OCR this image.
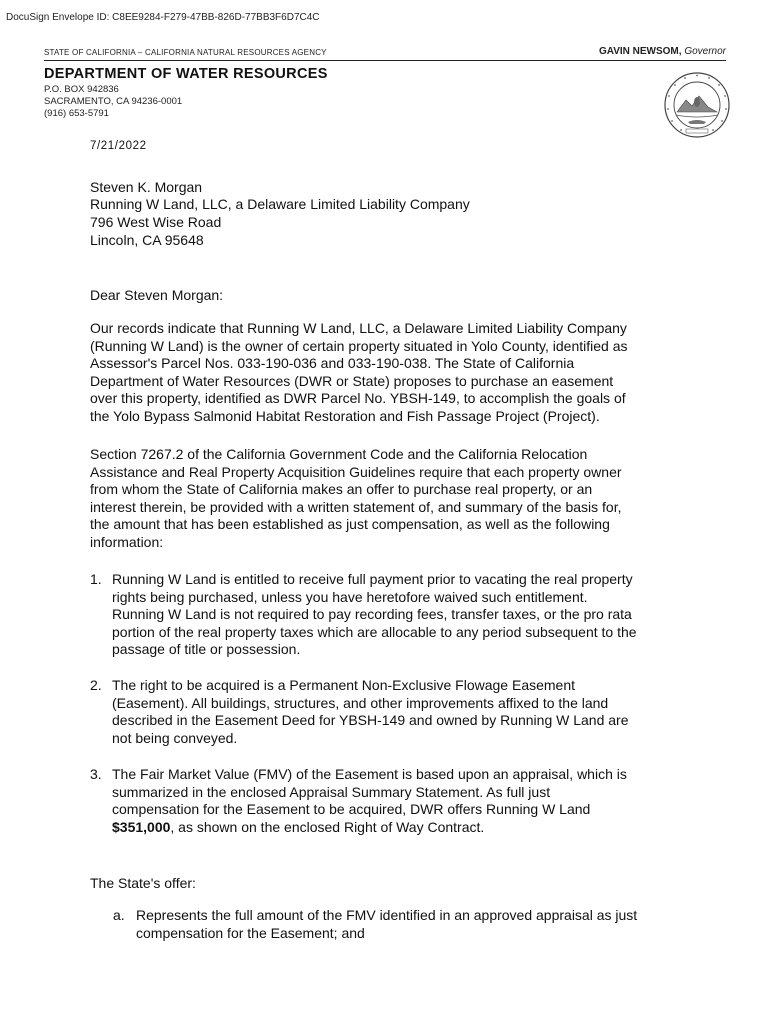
DocuSign Envelope ID: C8EE9284-F279-47BB-826D-77BB3F6D7C4C
STATE OF CALIFORNIA – CALIFORNIA NATURAL RESOURCES AGENCY	GAVIN NEWSOM, Governor
DEPARTMENT OF WATER RESOURCES
P.O. BOX 942836
SACRAMENTO, CA 94236-0001
(916) 653-5791
7/21/2022
Steven K. Morgan
Running W Land, LLC, a Delaware Limited Liability Company
796 West Wise Road
Lincoln, CA 95648
Dear Steven Morgan:

Our records indicate that Running W Land, LLC, a Delaware Limited Liability Company

(Running W Land) is the owner of certain property situated in Yolo County, identified as

Assessor's Parcel Nos. 033-190-036 and 033-190-038. The State of California

Department of Water Resources (DWR or State) proposes to purchase an easement

over this property, identified as DWR Parcel No. YBSH-149, to accomplish the goals of

the Yolo Bypass Salmonid Habitat Restoration and Fish Passage Project (Project).

Section 7267.2 of the California Government Code and the California Relocation

Assistance and Real Property Acquisition Guidelines require that each property owner

from whom the State of California makes an offer to purchase real property, or an

interest therein, be provided with a written statement of, and summary of the basis for,

the amount that has been established as just compensation, as well as the following

information:

1. Running W Land is entitled to receive full payment prior to vacating the real property

rights being purchased, unless you have heretofore waived such entitlement.

Running W Land is not required to pay recording fees, transfer taxes, or the pro rata

portion of the real property taxes which are allocable to any period subsequent to the

passage of title or possession.

2. The right to be acquired is a Permanent Non-Exclusive Flowage Easement

(Easement). All buildings, structures, and other improvements affixed to the land

described in the Easement Deed for YBSH-149 and owned by Running W Land are

not being conveyed.

3. The Fair Market Value (FMV) of the Easement is based upon an appraisal, which is

summarized in the enclosed Appraisal Summary Statement. As full just

compensation for the Easement to be acquired, DWR offers Running W Land

$351,000, as shown on the enclosed Right of Way Contract.

The State's offer:
a. Represents the full amount of the FMV identified in an approved appraisal as just

compensation for the Easement; and
